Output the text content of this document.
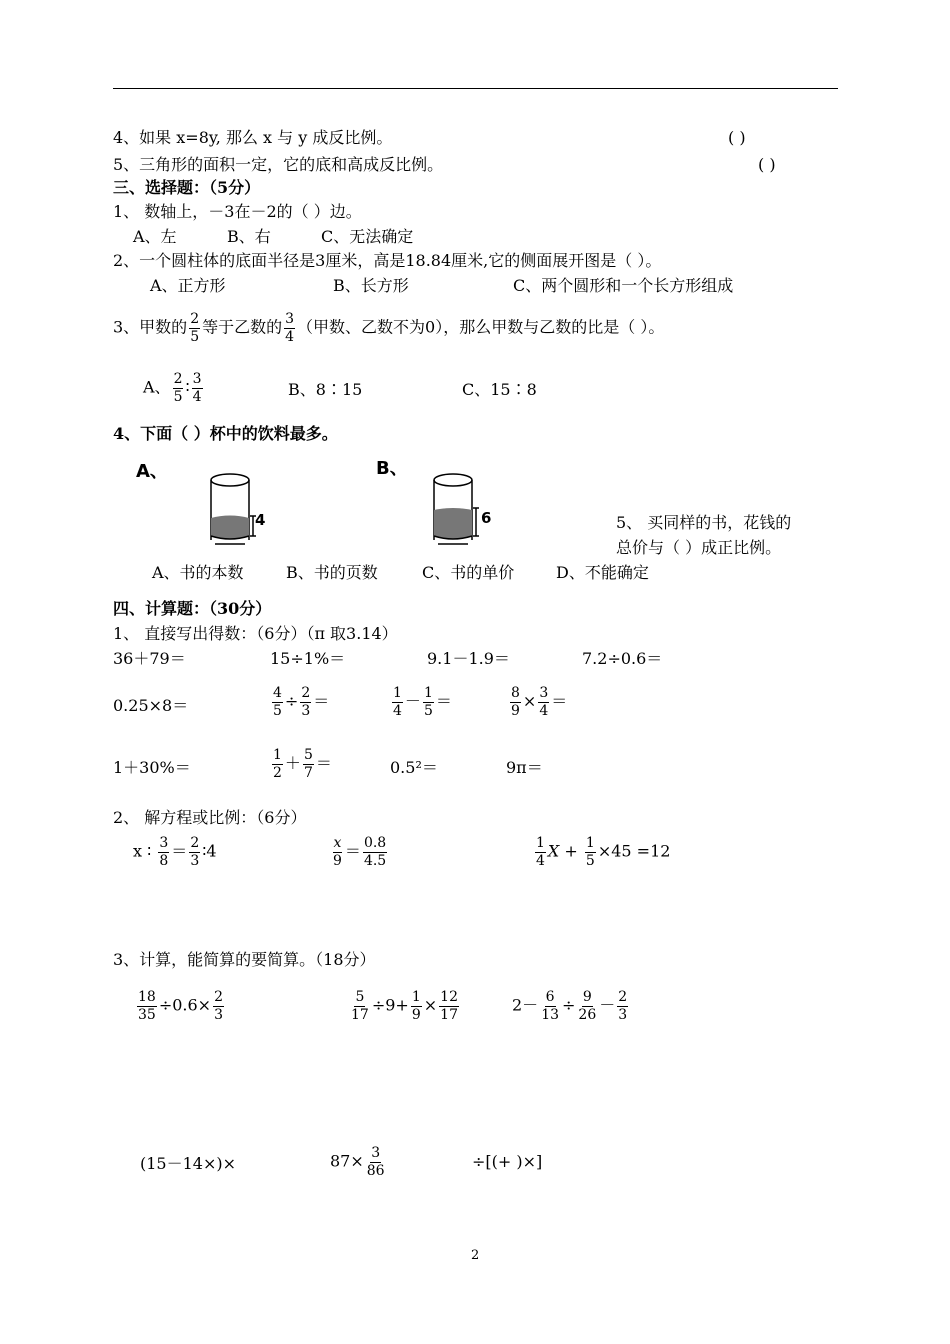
4、如果 x=8y, 那么 x 与 y 成反比例。	( )
5、三角形的面积一定，它的底和高成反比例。	( )
三、选择题：（5分）
1、 数轴上，－3在－2的（ ）边。
A、左	B、右	C、无法确定
2、一个圆柱体的底面半径是3厘米，高是18.84厘米,它的侧面展开图是（ ）。
A、正方形	B、长方形	C、两个圆形和一个长方形组成
3、甲数的 $\frac{2}{5}$ 等于乙数的 $\frac{3}{4}$ （甲数、乙数不为0），那么甲数与乙数的比是（ ）。
A、 $\frac{2}{5}$ ∶ $\frac{3}{4}$	B、8∶15	C、15∶8
4、下面（ ）杯中的饮料最多。
A、
4
B、
6	5、 买同样的书，花钱的
总价与（ ）成正比例。
A、书的本数	B、书的页数	C、书的单价	D、不能确定
四、计算题：（30分）
1、 直接写出得数：（6分）（π 取3.14）
36＋79＝	15÷1%＝	9.1－1.9＝	7.2÷0.6＝
0.25×8＝	$\frac{4}{5} \div \frac{2}{3}$ ＝	$\frac{1}{4} - \frac{1}{5}$ ＝	$\frac{8}{9} \times \frac{3}{4}$ ＝
1＋30%＝	$\frac{1}{2} + \frac{5}{7}$ ＝	0.5²＝	9π＝
2、 解方程或比例：（6分）
x ∶ $\frac{3}{8} = \frac{2}{3}$ ∶4	$\frac{x}{9} = \frac{0.8}{4.5}$	$\frac{1}{4}$ $X + \frac{1}{5} \times 45 =12$
3、计算，能简算的要简算。（18分）
$\frac{18}{35} \div 0.6\times \frac{2}{3}$	$\frac{5}{17} \div 9+ \frac{1}{9} \times \frac{12}{17}$	$2- \frac{6}{13} \div \frac{9}{26} - \frac{2}{3}$
(15－14×)×	$87\times \frac{3}{86}$	÷[(+ )×]
2
